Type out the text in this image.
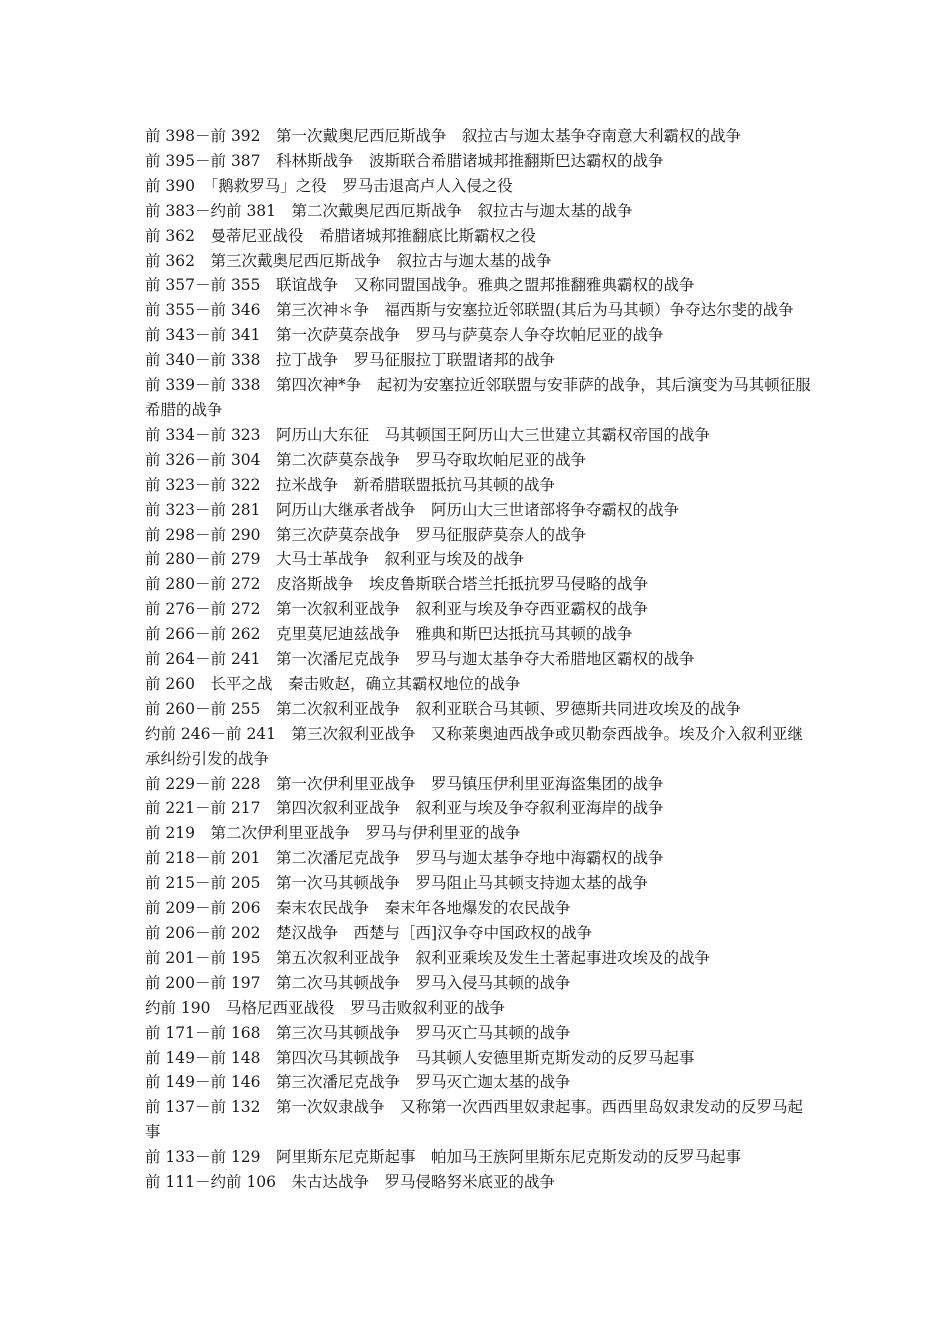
前 398－前 392　第一次戴奥尼西厄斯战争　叙拉古与迦太基争夺南意大利霸权的战争

前 395－前 387　科林斯战争　波斯联合希腊诸城邦推翻斯巴达霸权的战争

前 390　「鹅救罗马」之役　罗马击退高卢人入侵之役

前 383－约前 381　第二次戴奥尼西厄斯战争　叙拉古与迦太基的战争

前 362　曼蒂尼亚战役　希腊诸城邦推翻底比斯霸权之役

前 362　第三次戴奥尼西厄斯战争　叙拉古与迦太基的战争

前 357－前 355　联谊战争　又称同盟国战争。雅典之盟邦推翻雅典霸权的战争

前 355－前 346　第三次神＊争　福西斯与安塞拉近邻联盟(其后为马其顿）争夺达尔斐的战争

前 343－前 341　第一次萨莫奈战争　罗马与萨莫奈人争夺坎帕尼亚的战争

前 340－前 338　拉丁战争　罗马征服拉丁联盟诸邦的战争

前 339－前 338　第四次神*争　起初为安塞拉近邻联盟与安菲萨的战争，其后演变为马其顿征服希腊的战争

前 334－前 323　阿历山大东征　马其顿国王阿历山大三世建立其霸权帝国的战争

前 326－前 304　第二次萨莫奈战争　罗马夺取坎帕尼亚的战争

前 323－前 322　拉米战争　新希腊联盟抵抗马其顿的战争

前 323－前 281　阿历山大继承者战争　阿历山大三世诸部将争夺霸权的战争

前 298－前 290　第三次萨莫奈战争　罗马征服萨莫奈人的战争

前 280－前 279　大马士革战争　叙利亚与埃及的战争

前 280－前 272　皮洛斯战争　埃皮鲁斯联合塔兰托抵抗罗马侵略的战争

前 276－前 272　第一次叙利亚战争　叙利亚与埃及争夺西亚霸权的战争

前 266－前 262　克里莫尼迪兹战争　雅典和斯巴达抵抗马其顿的战争

前 264－前 241　第一次潘尼克战争　罗马与迦太基争夺大希腊地区霸权的战争

前 260　长平之战　秦击败赵，确立其霸权地位的战争

前 260－前 255　第二次叙利亚战争　叙利亚联合马其顿、罗德斯共同进攻埃及的战争

约前 246－前 241　第三次叙利亚战争　又称莱奥迪西战争或贝勒奈西战争。埃及介入叙利亚继承纠纷引发的战争

前 229－前 228　第一次伊利里亚战争　罗马镇压伊利里亚海盗集团的战争

前 221－前 217　第四次叙利亚战争　叙利亚与埃及争夺叙利亚海岸的战争

前 219　第二次伊利里亚战争　罗马与伊利里亚的战争

前 218－前 201　第二次潘尼克战争　罗马与迦太基争夺地中海霸权的战争

前 215－前 205　第一次马其顿战争　罗马阻止马其顿支持迦太基的战争

前 209－前 206　秦末农民战争　秦末年各地爆发的农民战争

前 206－前 202　楚汉战争　西楚与［西]汉争夺中国政权的战争

前 201－前 195　第五次叙利亚战争　叙利亚乘埃及发生土著起事进攻埃及的战争

前 200－前 197　第二次马其顿战争　罗马入侵马其顿的战争

约前 190　马格尼西亚战役　罗马击败叙利亚的战争

前 171－前 168　第三次马其顿战争　罗马灭亡马其顿的战争

前 149－前 148　第四次马其顿战争　马其顿人安德里斯克斯发动的反罗马起事

前 149－前 146　第三次潘尼克战争　罗马灭亡迦太基的战争

前 137－前 132　第一次奴隶战争　又称第一次西西里奴隶起事。西西里岛奴隶发动的反罗马起事

前 133－前 129　阿里斯东尼克斯起事　帕加马王族阿里斯东尼克斯发动的反罗马起事

前 111－约前 106　朱古达战争　罗马侵略努米底亚的战争
